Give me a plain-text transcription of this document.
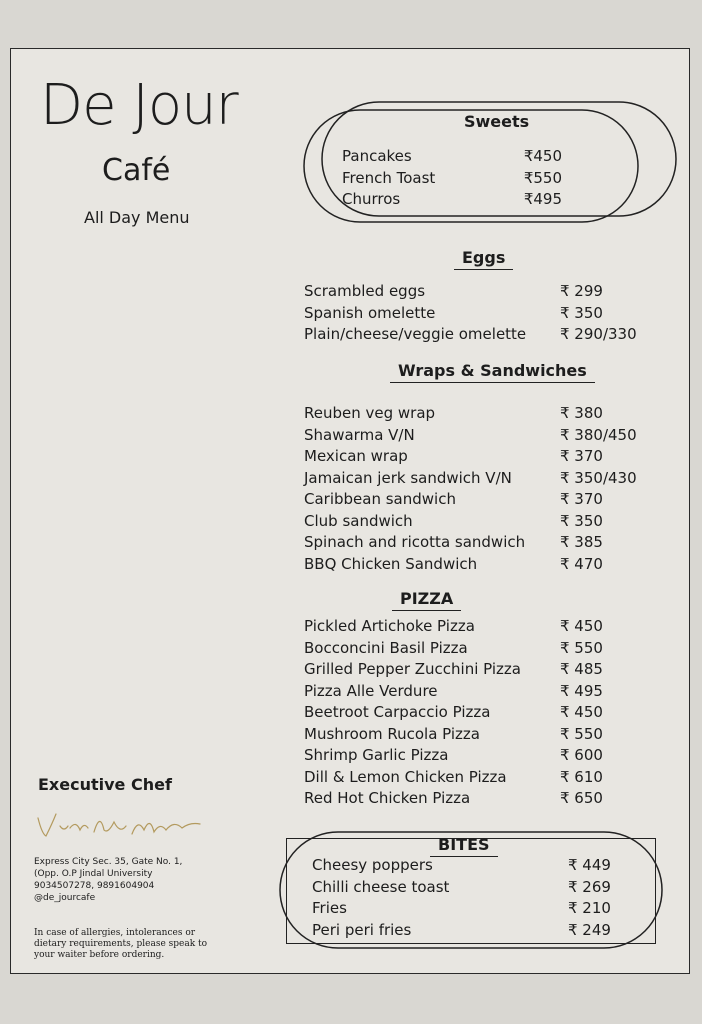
De Jour
Café
All Day Menu
Sweets
Pancakes	₹450
French Toast	₹550
Churros	₹495
Eggs
Scrambled eggs	₹ 299
Spanish omelette	₹ 350
Plain/cheese/veggie omelette	₹ 290/330
Wraps & Sandwiches
Reuben veg wrap	₹ 380
Shawarma V/N	₹ 380/450
Mexican wrap	₹ 370
Jamaican jerk sandwich V/N	₹ 350/430
Caribbean sandwich	₹ 370
Club sandwich	₹ 350
Spinach and ricotta sandwich	₹ 385
BBQ Chicken Sandwich	₹ 470
PIZZA
Pickled Artichoke Pizza	₹ 450
Bocconcini Basil Pizza	₹ 550
Grilled Pepper Zucchini Pizza	₹ 485
Pizza Alle Verdure	₹ 495
Beetroot Carpaccio Pizza	₹ 450
Mushroom Rucola Pizza	₹ 550
Shrimp Garlic Pizza	₹ 600
Dill & Lemon Chicken Pizza	₹ 610
Red Hot Chicken Pizza	₹ 650
BITES
Cheesy poppers	₹ 449
Chilli cheese toast	₹ 269
Fries	₹ 210
Peri peri fries	₹ 249
Executive Chef
Express City Sec. 35, Gate No. 1,
(Opp. O.P Jindal University
9034507278, 9891604904
@de_jourcafe
In case of allergies, intolerances or dietary requirements, please speak to your waiter before ordering.
